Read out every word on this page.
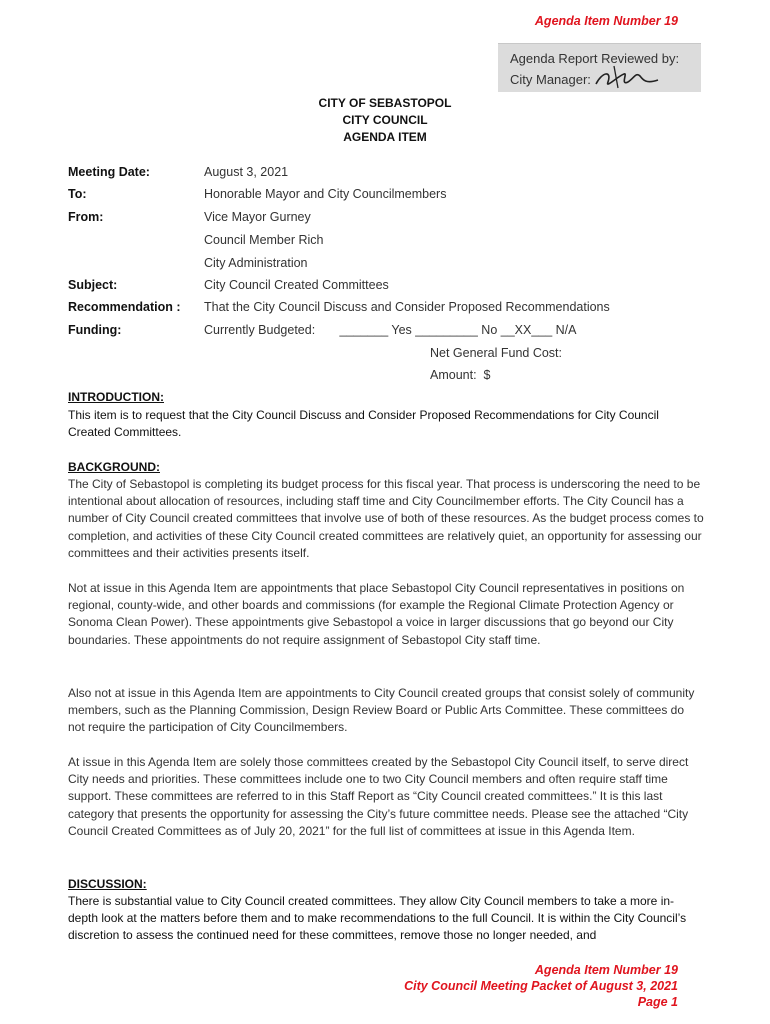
Agenda Item Number 19
Agenda Report Reviewed by:
City Manager:
CITY OF SEBASTOPOL
CITY COUNCIL
AGENDA ITEM
Meeting Date:	August 3, 2021
To:	Honorable Mayor and City Councilmembers
From:	Vice Mayor Gurney
Council Member Rich
City Administration
Subject:	City Council Created Committees
Recommendation : That the City Council Discuss and Consider Proposed Recommendations
Funding:	Currently Budgeted:       _______ Yes _________ No __XX___ N/A
Net General Fund Cost:
Amount:  $
INTRODUCTION:
This item is to request that the City Council Discuss and Consider Proposed Recommendations for City Council Created Committees.
BACKGROUND:
The City of Sebastopol is completing its budget process for this fiscal year. That process is underscoring the need to be intentional about allocation of resources, including staff time and City Councilmember efforts. The City Council has a number of City Council created committees that involve use of both of these resources. As the budget process comes to completion, and activities of these City Council created committees are relatively quiet, an opportunity for assessing our committees and their activities presents itself.
Not at issue in this Agenda Item are appointments that place Sebastopol City Council representatives in positions on regional, county-wide, and other boards and commissions (for example the Regional Climate Protection Agency or Sonoma Clean Power). These appointments give Sebastopol a voice in larger discussions that go beyond our City boundaries. These appointments do not require assignment of Sebastopol City staff time.
Also not at issue in this Agenda Item are appointments to City Council created groups that consist solely of community members, such as the Planning Commission, Design Review Board or Public Arts Committee. These committees do not require the participation of City Councilmembers.
At issue in this Agenda Item are solely those committees created by the Sebastopol City Council itself, to serve direct City needs and priorities. These committees include one to two City Council members and often require staff time support. These committees are referred to in this Staff Report as “City Council created committees.” It is this last category that presents the opportunity for assessing the City’s future committee needs. Please see the attached “City Council Created Committees as of July 20, 2021” for the full list of committees at issue in this Agenda Item.
DISCUSSION:
There is substantial value to City Council created committees. They allow City Council members to take a more in-depth look at the matters before them and to make recommendations to the full Council. It is within the City Council’s discretion to assess the continued need for these committees, remove those no longer needed, and
Agenda Item Number 19
City Council Meeting Packet of August 3, 2021
Page 1
